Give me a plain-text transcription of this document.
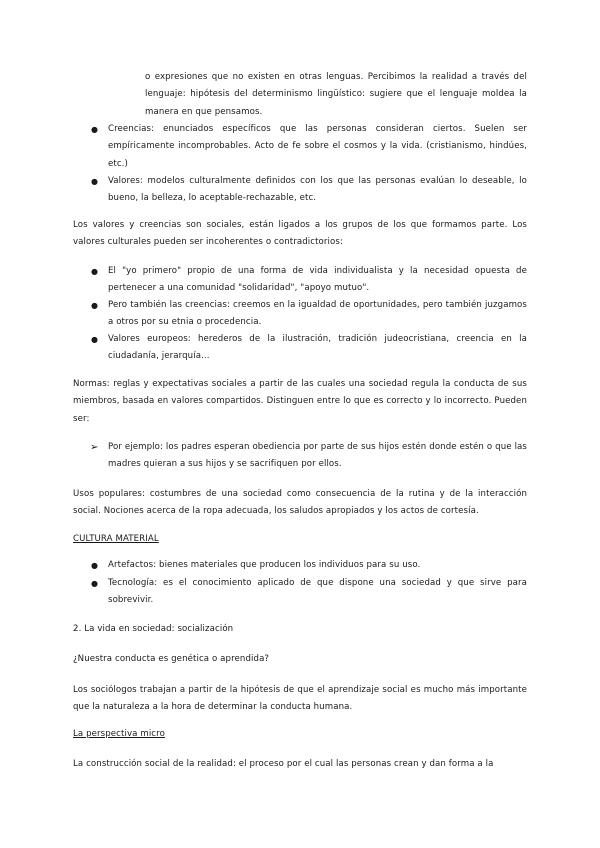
o expresiones que no existen en otras lenguas. Percibimos la realidad a través del lenguaje: hipótesis del determinismo lingüístico: sugiere que el lenguaje moldea la manera en que pensamos.

● Creencias: enunciados específicos que las personas consideran ciertos. Suelen ser empíricamente incomprobables. Acto de fe sobre el cosmos y la vida. (cristianismo, hindúes, etc.)

● Valores: modelos culturalmente definidos con los que las personas evalúan lo deseable, lo bueno, la belleza, lo aceptable-rechazable, etc.

Los valores y creencias son sociales, están ligados a los grupos de los que formamos parte. Los valores culturales pueden ser incoherentes o contradictorios:

● El "yo primero" propio de una forma de vida individualista y la necesidad opuesta de pertenecer a una comunidad "solidaridad", "apoyo mutuo".

● Pero también las creencias: creemos en la igualdad de oportunidades, pero también juzgamos a otros por su etnia o procedencia.

● Valores europeos: herederos de la ilustración, tradición judeocristiana, creencia en la ciudadanía, jerarquía...

Normas: reglas y expectativas sociales a partir de las cuales una sociedad regula la conducta de sus miembros, basada en valores compartidos. Distinguen entre lo que es correcto y lo incorrecto. Pueden ser:

➢ Por ejemplo: los padres esperan obediencia por parte de sus hijos estén donde estén o que las madres quieran a sus hijos y se sacrifiquen por ellos.

Usos populares: costumbres de una sociedad como consecuencia de la rutina y de la interacción social. Nociones acerca de la ropa adecuada, los saludos apropiados y los actos de cortesía.

CULTURA MATERIAL

● Artefactos: bienes materiales que producen los individuos para su uso.

● Tecnología: es el conocimiento aplicado de que dispone una sociedad y que sirve para sobrevivir.

2. La vida en sociedad: socialización

¿Nuestra conducta es genética o aprendida?

Los sociólogos trabajan a partir de la hipótesis de que el aprendizaje social es mucho más importante que la naturaleza a la hora de determinar la conducta humana.

La perspectiva micro

La construcción social de la realidad: el proceso por el cual las personas crean y dan forma a la
